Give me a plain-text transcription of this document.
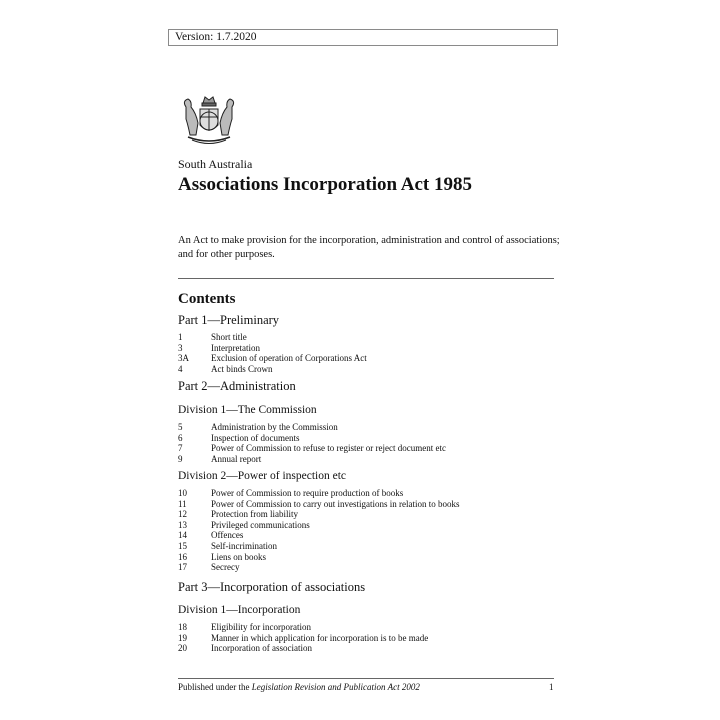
Version: 1.7.2020
South Australia
Associations Incorporation Act 1985
An Act to make provision for the incorporation, administration and control of associations; and for other purposes.
Contents
Part 1—Preliminary
1	Short title
3	Interpretation
3A Exclusion of operation of Corporations Act
4	Act binds Crown
Part 2—Administration
Division 1—The Commission
5	Administration by the Commission
6	Inspection of documents
7	Power of Commission to refuse to register or reject document etc
9	Annual report
Division 2—Power of inspection etc
10	Power of Commission to require production of books
11	Power of Commission to carry out investigations in relation to books
12	Protection from liability
13	Privileged communications
14	Offences
15	Self-incrimination
16	Liens on books
17	Secrecy
Part 3—Incorporation of associations
Division 1—Incorporation
18	Eligibility for incorporation
19	Manner in which application for incorporation is to be made
20	Incorporation of association
Published under the Legislation Revision and Publication Act 2002	1
